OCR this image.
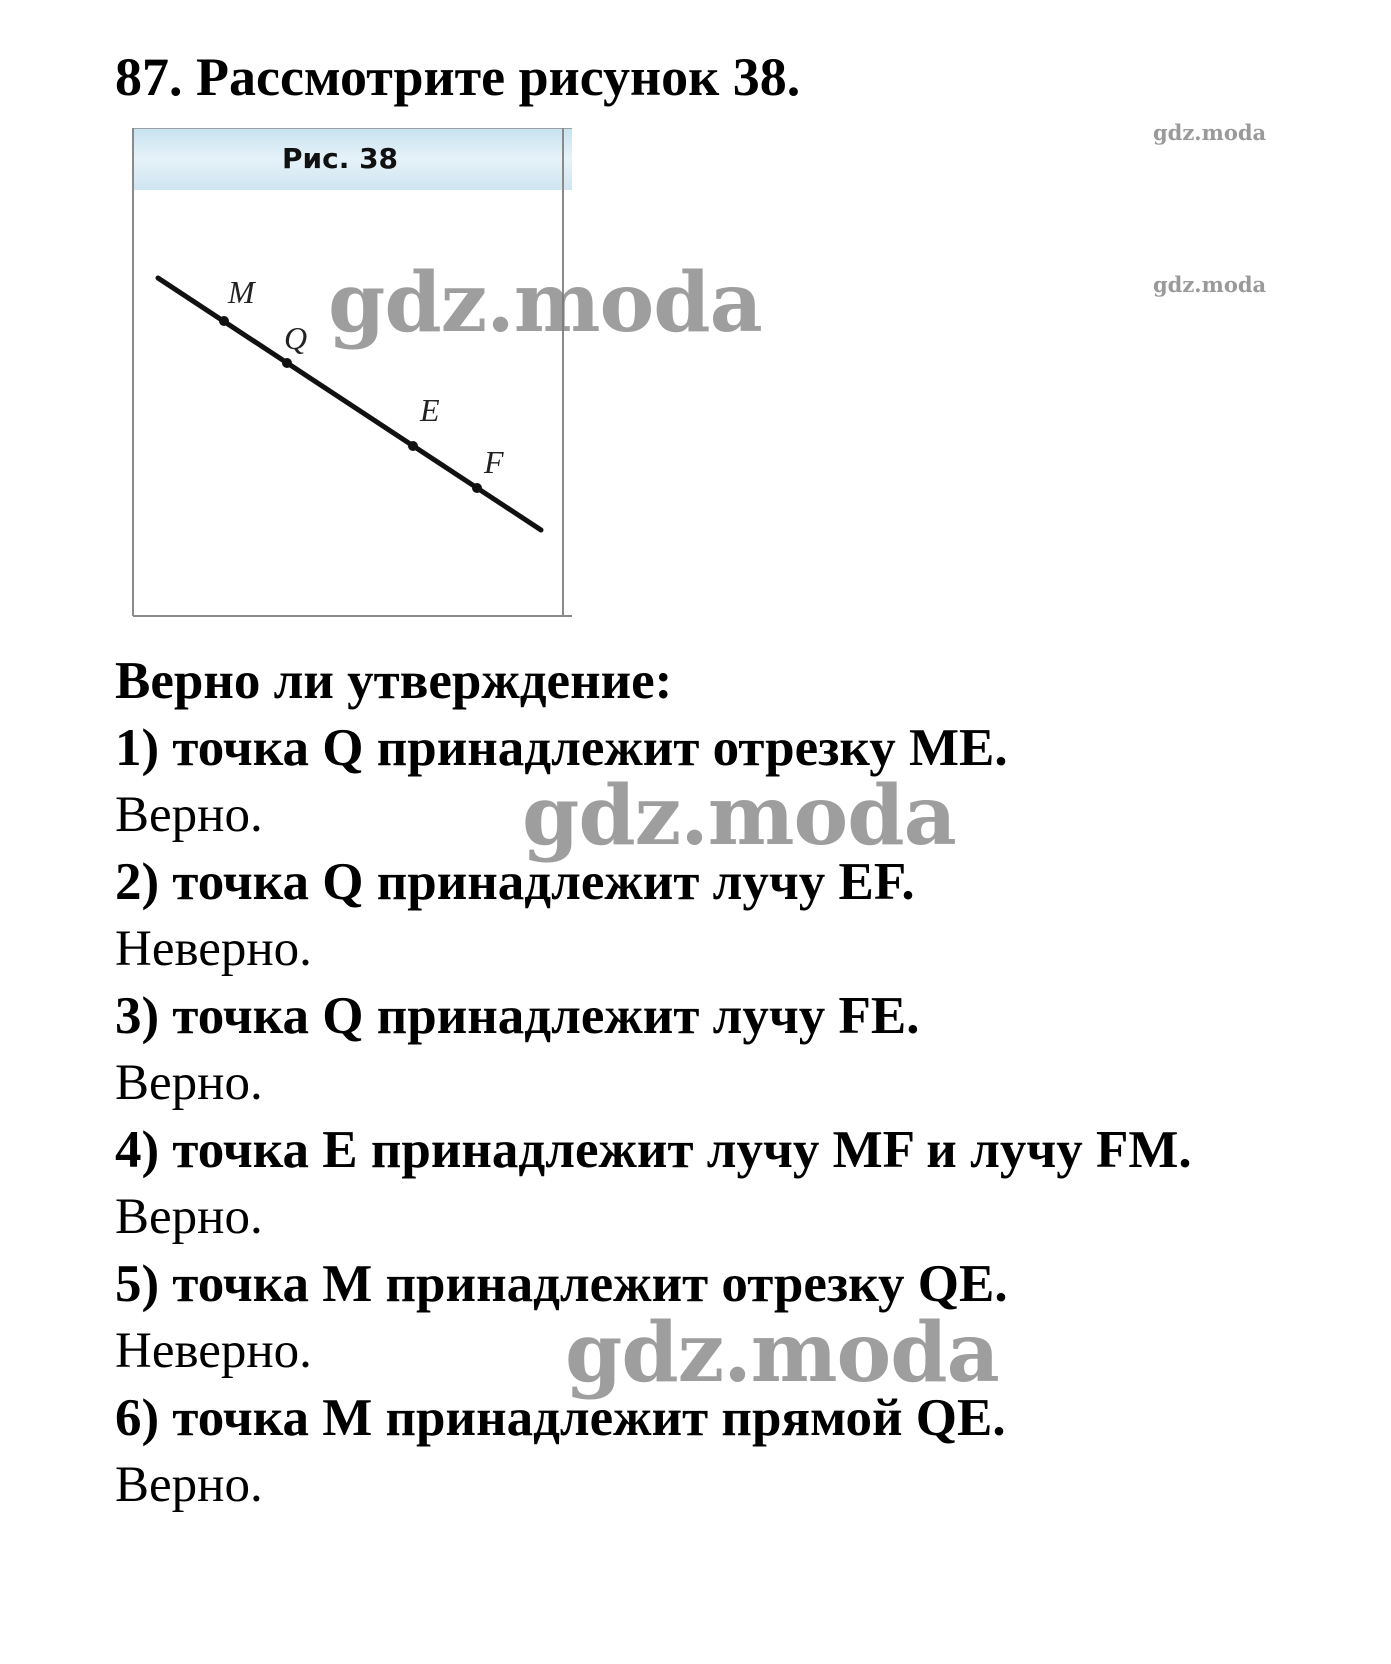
87. Рассмотрите рисунок 38.
Рис. 38
M
Q
E
F
Верно ли утверждение:
1) точка Q принадлежит отрезку ME.
Верно.
2) точка Q принадлежит лучу EF.
Неверно.
3) точка Q принадлежит лучу FE.
Верно.
4) точка E принадлежит лучу MF и лучу FM.
Верно.
5) точка M принадлежит отрезку QE.
Неверно.
6) точка M принадлежит прямой QE.
Верно.
gdz.moda
gdz.moda
gdz.moda
gdz.moda
gdz.moda
